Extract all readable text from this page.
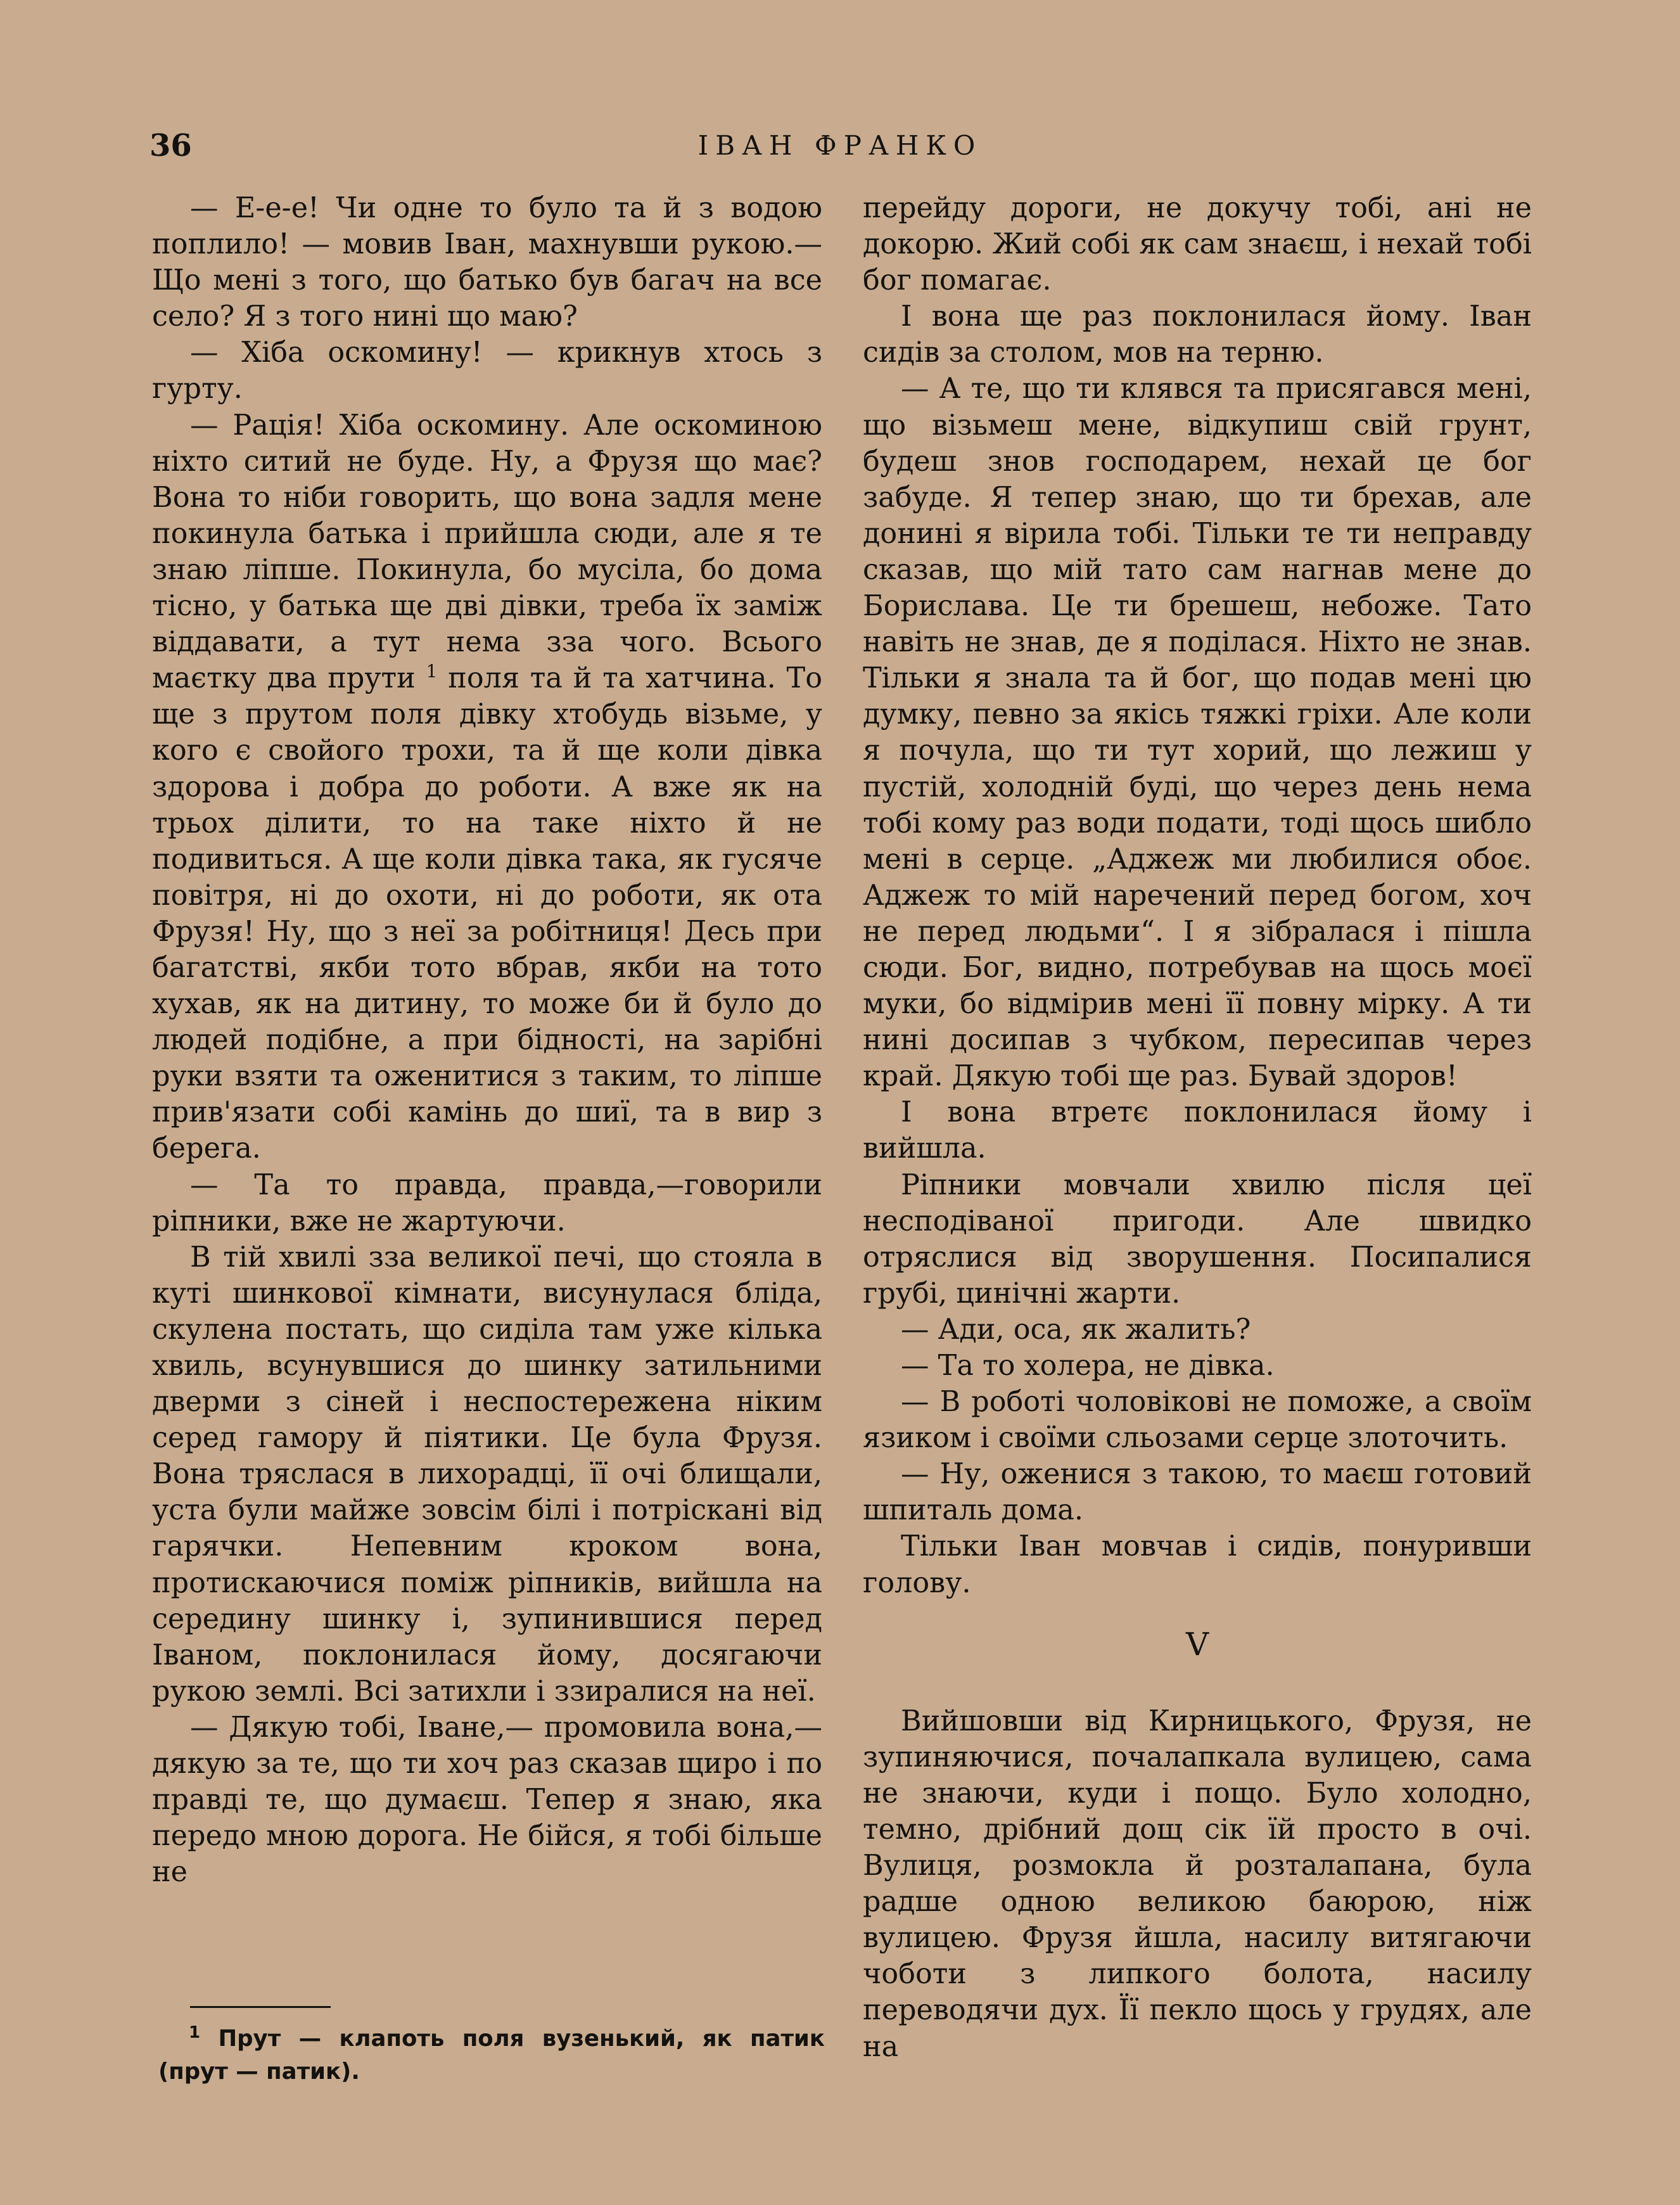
36	ІВАН ФРАНКО

— Е-е-е! Чи одне то було та й з водою поплило! — мовив Іван, махнувши рукою.— Що мені з того, що батько був багач на все село? Я з того нині що маю?

— Хіба оскомину! — крикнув хтось з гурту.

— Рація! Хіба оскомину. Але оскоминою ніхто ситий не буде. Ну, а Фрузя що має? Вона то ніби говорить, що вона задля мене покинула батька і прийшла сюди, але я те знаю ліпше. Покинула, бо мусіла, бо дома тісно, у батька ще дві дівки, треба їх заміж віддавати, а тут нема зза чого. Всього маєтку два прути $^1$ поля та й та хатчина. То ще з прутом поля дівку хтобудь візьме, у кого є свойого трохи, та й ще коли дівка здорова і добра до роботи. А вже як на трьох ділити, то на таке ніхто й не подивиться. А ще коли дівка така, як гусяче повітря, ні до охоти, ні до роботи, як ота Фрузя! Ну, що з неї за робітниця! Десь при багатстві, якби тото вбрав, якби на тото хухав, як на дитину, то може би й було до людей подібне, а при бідності, на зарібні руки взяти та оженитися з таким, то ліпше прив'язати собі камінь до шиї, та в вир з берега.

— Та то правда, правда,—говорили ріпники, вже не жартуючи.

В тій хвилі зза великої печі, що стояла в куті шинкової кімнати, висунулася бліда, скулена постать, що сиділа там уже кілька хвиль, всунувшися до шинку затильними дверми з сіней і неспостережена ніким серед гамору й піятики. Це була Фрузя. Вона тряслася в лихорадці, її очі блищали, уста були майже зовсім білі і потріскані від гарячки. Непевним кроком вона, протискаючися поміж ріпників, вийшла на середину шинку і, зупинившися перед Іваном, поклонилася йому, досягаючи рукою землі. Всі затихли і ззиралися на неї.

— Дякую тобі, Іване,— промовила вона,— дякую за те, що ти хоч раз сказав щиро і по правді те, що думаєш. Тепер я знаю, яка передо мною дорога. Не бійся, я тобі більше не

перейду дороги, не докучу тобі, ані не докорю. Жий собі як сам знаєш, і нехай тобі бог помагає.

І вона ще раз поклонилася йому. Іван сидів за столом, мов на терню.

— А те, що ти клявся та присягався мені, що візьмеш мене, відкупиш свій грунт, будеш знов господарем, нехай це бог забуде. Я тепер знаю, що ти брехав, але донині я вірила тобі. Тільки те ти неправду сказав, що мій тато сам нагнав мене до Борислава. Це ти брешеш, небоже. Тато навіть не знав, де я поділася. Ніхто не знав. Тільки я знала та й бог, що подав мені цю думку, певно за якісь тяжкі гріхи. Але коли я почула, що ти тут хорий, що лежиш у пустій, холодній буді, що через день нема тобі кому раз води подати, тоді щось шибло мені в серце. „Аджеж ми любилися обоє. Аджеж то мій наречений перед богом, хоч не перед людьми“. І я зібралася і пішла сюди. Бог, видно, потребував на щось моєї муки, бо відмірив мені її повну мірку. А ти нині досипав з чубком, пересипав через край. Дякую тобі ще раз. Бувай здоров!

І вона втретє поклонилася йому і вийшла.

Ріпники мовчали хвилю після цеї несподіваної пригоди. Але швидко отряслися від зворушення. Посипалися грубі, цинічні жарти.

— Ади, оса, як жалить?

— Та то холера, не дівка.

— В роботі чоловікові не поможе, а своїм язиком і своїми сльозами серце злоточить.

— Ну, оженися з такою, то маєш готовий шпиталь дома.

Тільки Іван мовчав і сидів, понуривши голову.

V

Вийшовши від Кирницького, Фрузя, не зупиняючися, почалапкала вулицею, сама не знаючи, куди і пощо. Було холодно, темно, дрібний дощ сік їй просто в очі. Вулиця, розмокла й розталапана, була радше одною великою баюрою, ніж вулицею. Фрузя йшла, насилу витягаючи чоботи з липкого болота, насилу переводячи дух. Її пекло щось у грудях, але на

$^1$ Прут — клапоть поля вузенький, як патик (прут — патик).
